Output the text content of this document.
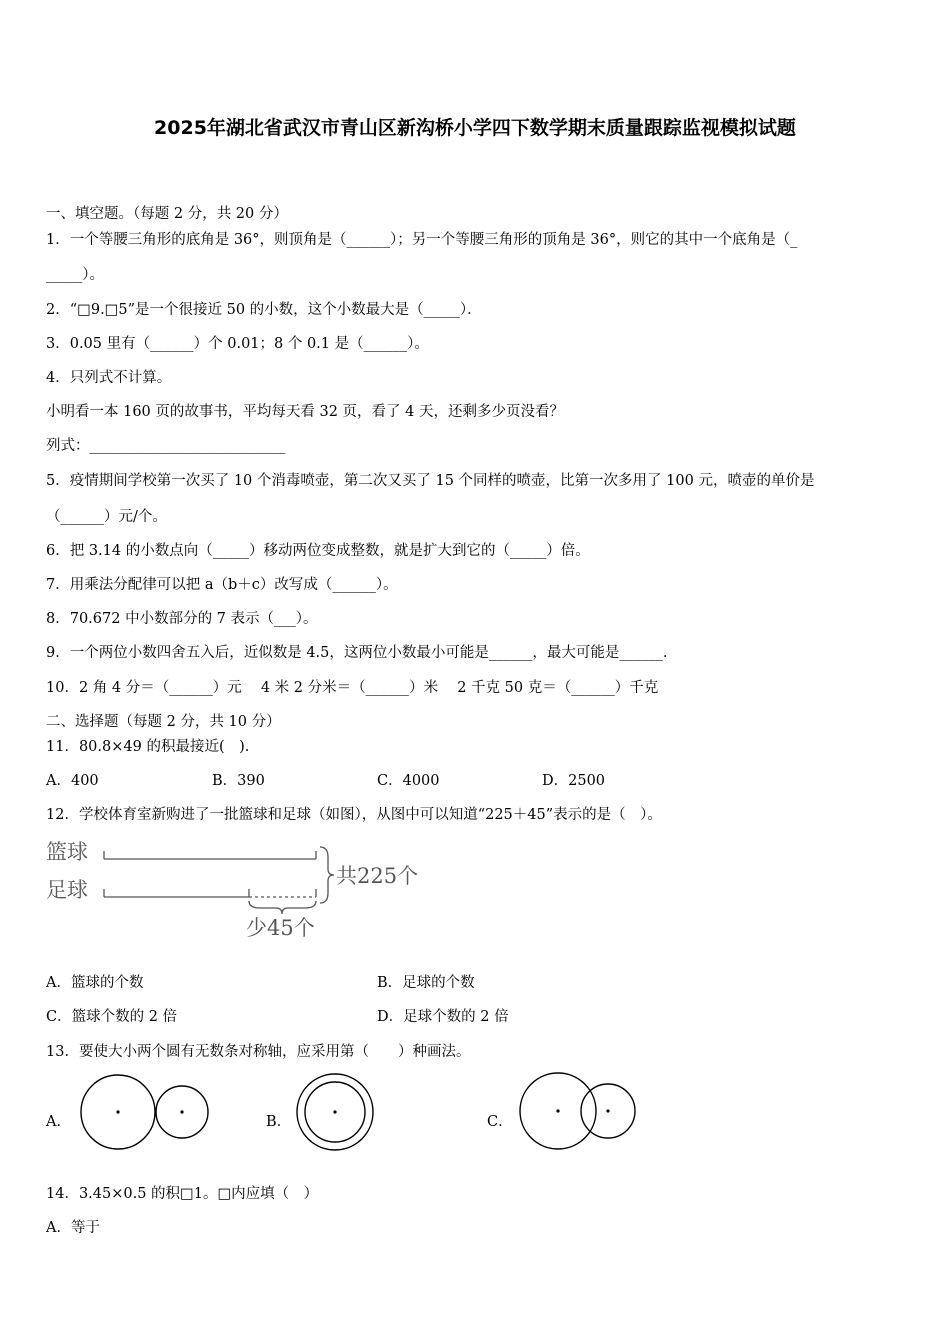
2025年湖北省武汉市青山区新沟桥小学四下数学期末质量跟踪监视模拟试题
一、填空题。（每题 2 分，共 20 分）
1．一个等腰三角形的底角是 36°，则顶角是（______）；另一个等腰三角形的顶角是 36°，则它的其中一个底角是（_
_____）。
2．“□9.□5”是一个很接近 50 的小数，这个小数最大是（_____）．
3．0.05 里有（______）个 0.01；8 个 0.1 是（______）。
4．只列式不计算。
小明看一本 160 页的故事书，平均每天看 32 页，看了 4 天，还剩多少页没看？
列式：___________________________
5．疫情期间学校第一次买了 10 个消毒喷壶，第二次又买了 15 个同样的喷壶，比第一次多用了 100 元，喷壶的单价是
（______）元/个。
6．把 3.14 的小数点向（_____）移动两位变成整数，就是扩大到它的（_____）倍。
7．用乘法分配律可以把 a（b＋c）改写成（______）。
8．70.672 中小数部分的 7 表示（___）。
9．一个两位小数四舍五入后，近似数是 4.5，这两位小数最小可能是______，最大可能是______.
10．2 角 4 分＝（______）元　 4 米 2 分米＝（______）米　 2 千克 50 克＝（______）千克
二、选择题（每题 2 分，共 10 分）
11．80.8×49 的积最接近(　).
A．400	B．390	C．4000	D．2500
12．学校体育室新购进了一批篮球和足球（如图），从图中可以知道“225＋45”表示的是（　）。
篮球
足球
共225个
少45个
A．篮球的个数	B．足球的个数
C．篮球个数的 2 倍	D．足球个数的 2 倍
13．要使大小两个圆有无数条对称轴，应采用第（　　）种画法。
A．	B．	C．
14．3.45×0.5 的积□1。□内应填（　）
A．等于
